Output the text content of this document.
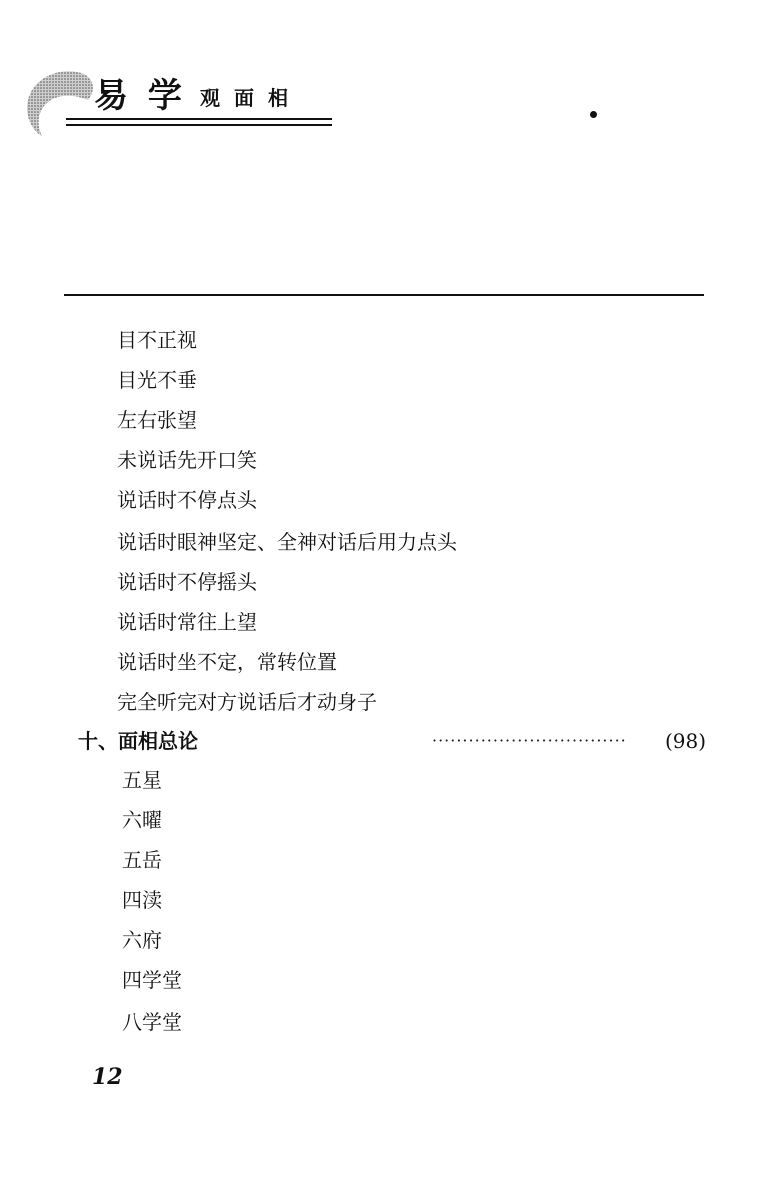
易 学 观面相
目不正视
目光不垂
左右张望
未说话先开口笑
说话时不停点头
说话时眼神坚定、全神对话后用力点头
说话时不停摇头
说话时常往上望
说话时坐不定，常转位置
完全听完对方说话后才动身子
十、面相总论	································ (98)
五星
六曜
五岳
四渎
六府
四学堂
八学堂
12
